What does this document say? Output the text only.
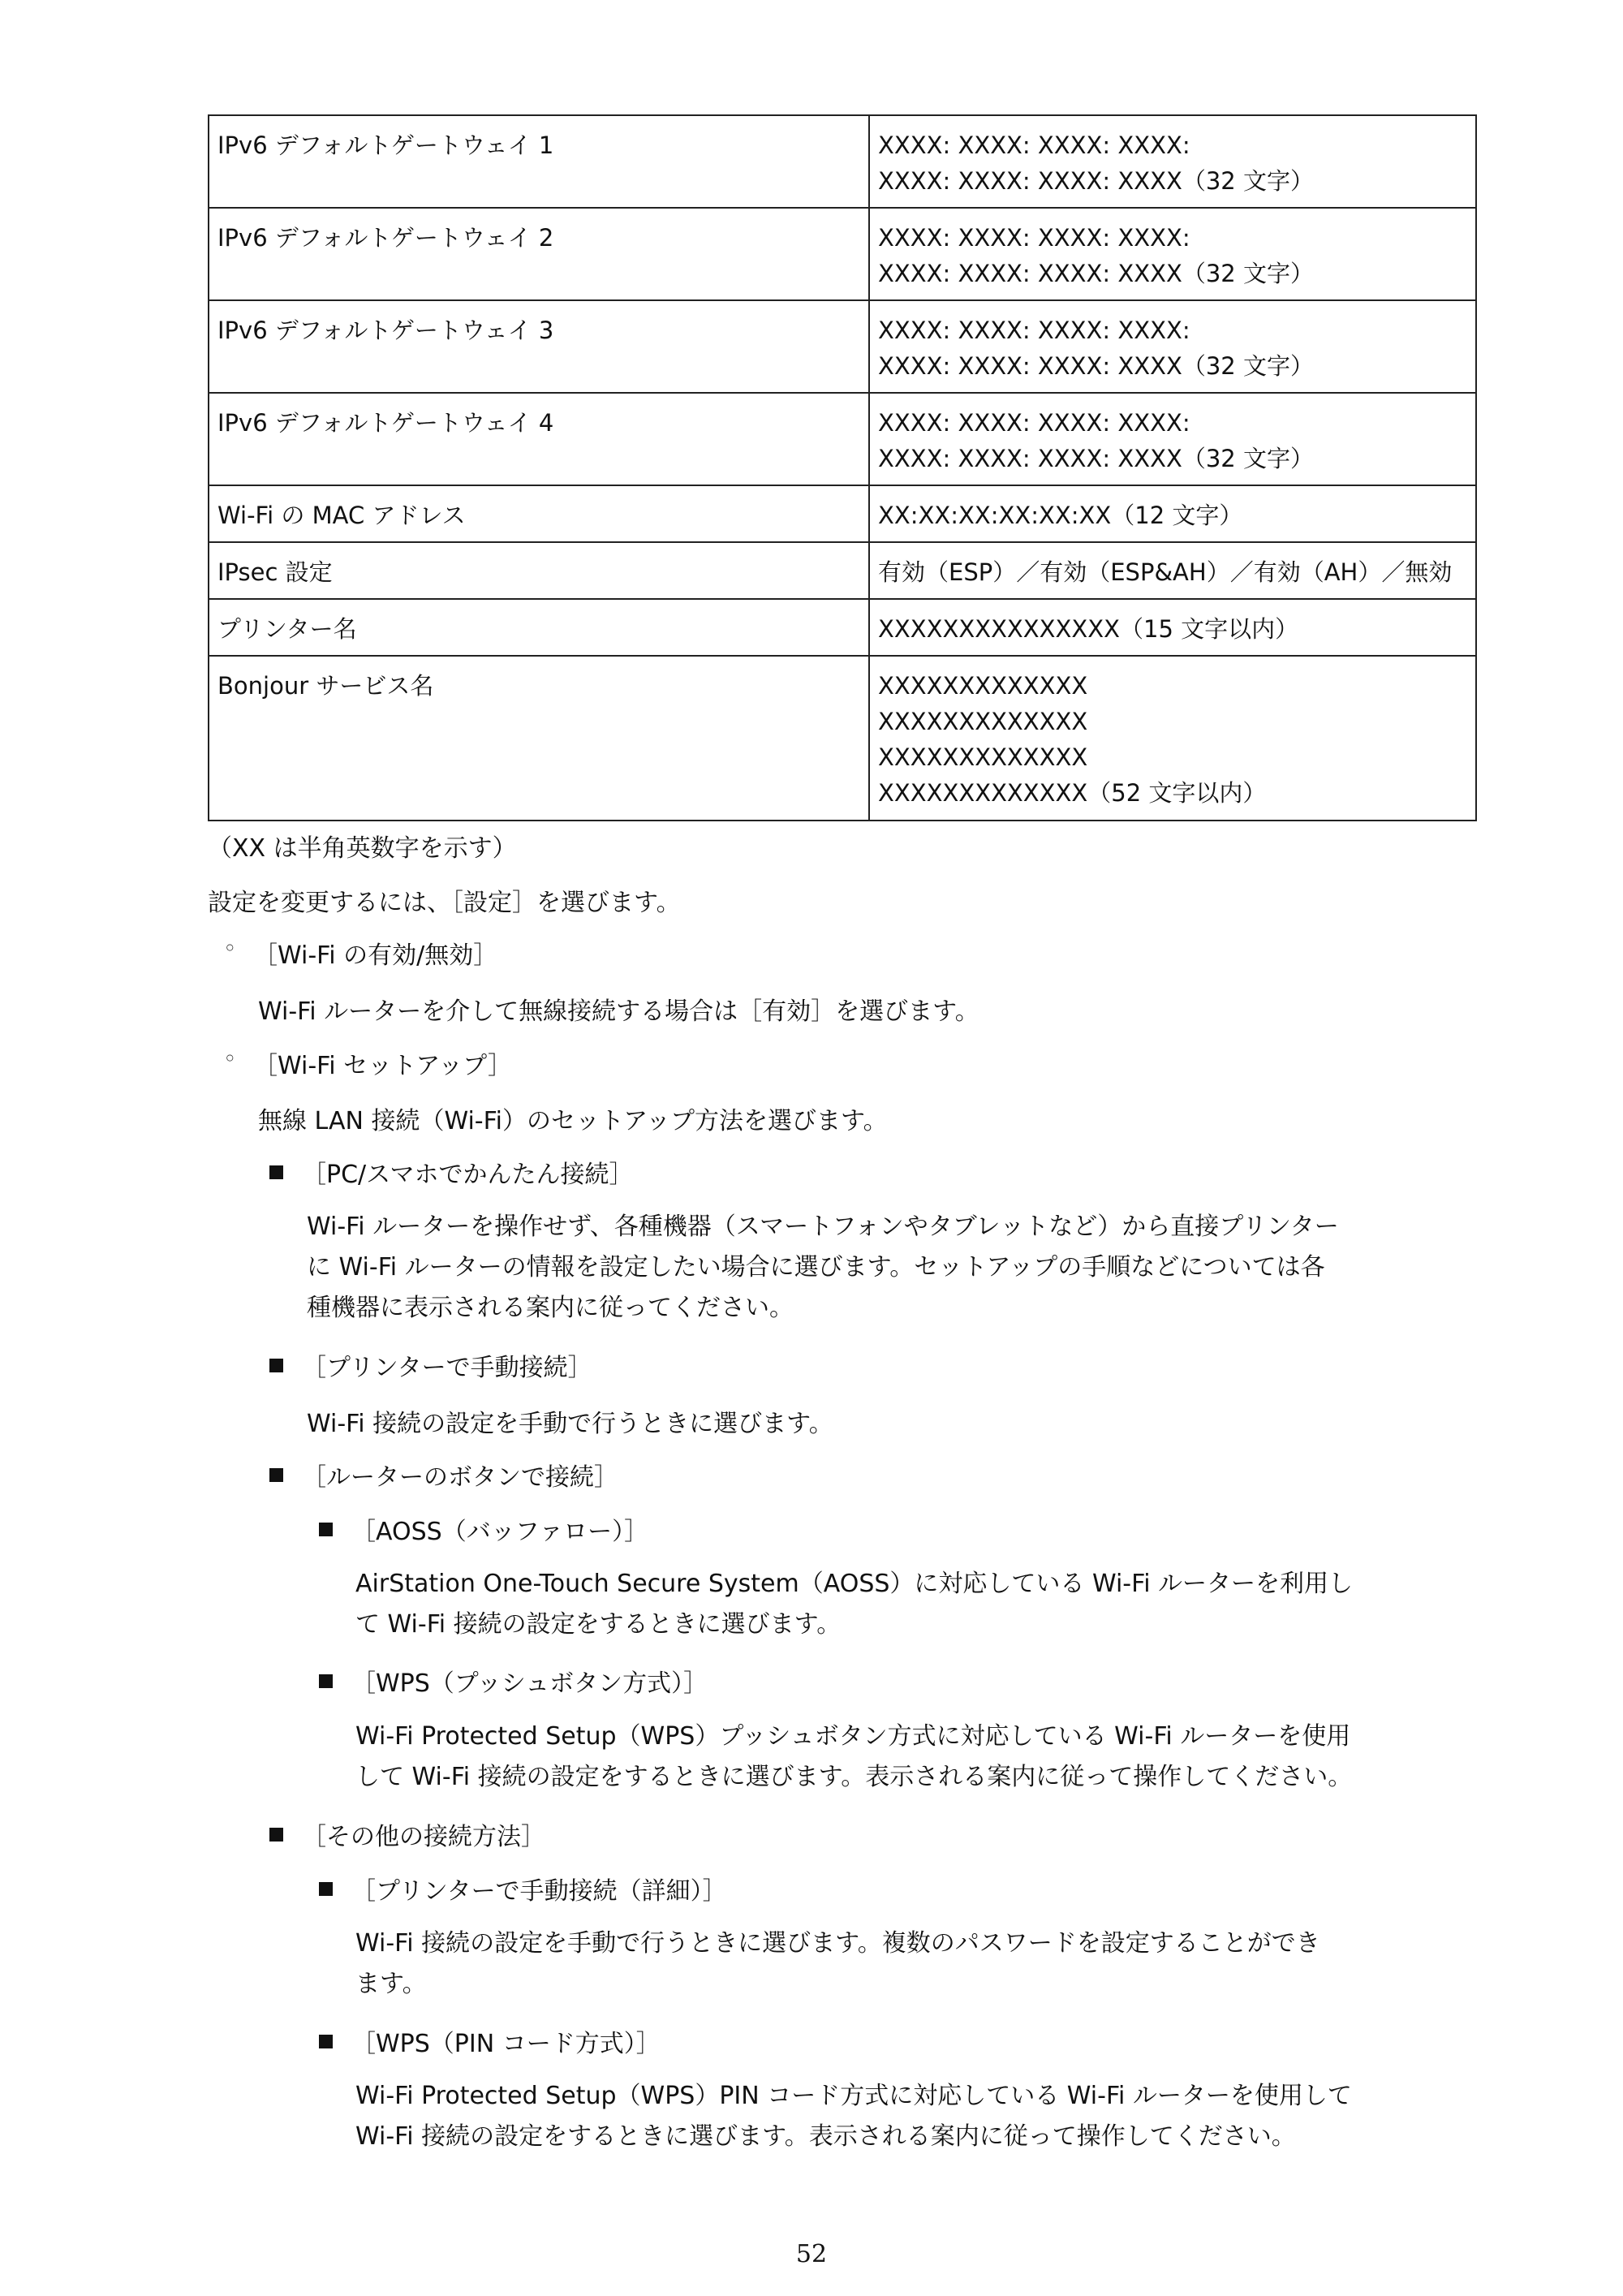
IPv6 デフォルトゲートウェイ 1	XXXX: XXXX: XXXX: XXXX:
XXXX: XXXX: XXXX: XXXX（32 文字）

IPv6 デフォルトゲートウェイ 2	XXXX: XXXX: XXXX: XXXX:
XXXX: XXXX: XXXX: XXXX（32 文字）

IPv6 デフォルトゲートウェイ 3	XXXX: XXXX: XXXX: XXXX:
XXXX: XXXX: XXXX: XXXX（32 文字）

IPv6 デフォルトゲートウェイ 4	XXXX: XXXX: XXXX: XXXX:
XXXX: XXXX: XXXX: XXXX（32 文字）

Wi-Fi の MAC アドレス	XX:XX:XX:XX:XX:XX（12 文字）

IPsec 設定	有効（ESP）／有効（ESP&AH）／有効（AH）／無効

プリンター名	XXXXXXXXXXXXXXX（15 文字以内）

Bonjour サービス名	XXXXXXXXXXXXX
XXXXXXXXXXXXX
XXXXXXXXXXXXX
XXXXXXXXXXXXX（52 文字以内）
（XX は半角英数字を示す）
設定を変更するには、［設定］を選びます。
◦ ［Wi-Fi の有効/無効］
Wi-Fi ルーターを介して無線接続する場合は［有効］を選びます。
◦ ［Wi-Fi セットアップ］
無線 LAN 接続（Wi-Fi）のセットアップ方法を選びます。
［PC/スマホでかんたん接続］
Wi-Fi ルーターを操作せず、各種機器（スマートフォンやタブレットなど）から直接プリンター
に Wi-Fi ルーターの情報を設定したい場合に選びます。セットアップの手順などについては各
種機器に表示される案内に従ってください。
［プリンターで手動接続］
Wi-Fi 接続の設定を手動で行うときに選びます。
［ルーターのボタンで接続］
［AOSS（バッファロー）］
AirStation One-Touch Secure System（AOSS）に対応している Wi-Fi ルーターを利用し
て Wi-Fi 接続の設定をするときに選びます。
［WPS（プッシュボタン方式）］
Wi-Fi Protected Setup（WPS）プッシュボタン方式に対応している Wi-Fi ルーターを使用
して Wi-Fi 接続の設定をするときに選びます。表示される案内に従って操作してください。
［その他の接続方法］
［プリンターで手動接続（詳細）］
Wi-Fi 接続の設定を手動で行うときに選びます。複数のパスワードを設定することができ
ます。
［WPS（PIN コード方式）］
Wi-Fi Protected Setup（WPS）PIN コード方式に対応している Wi-Fi ルーターを使用して
Wi-Fi 接続の設定をするときに選びます。表示される案内に従って操作してください。
52
